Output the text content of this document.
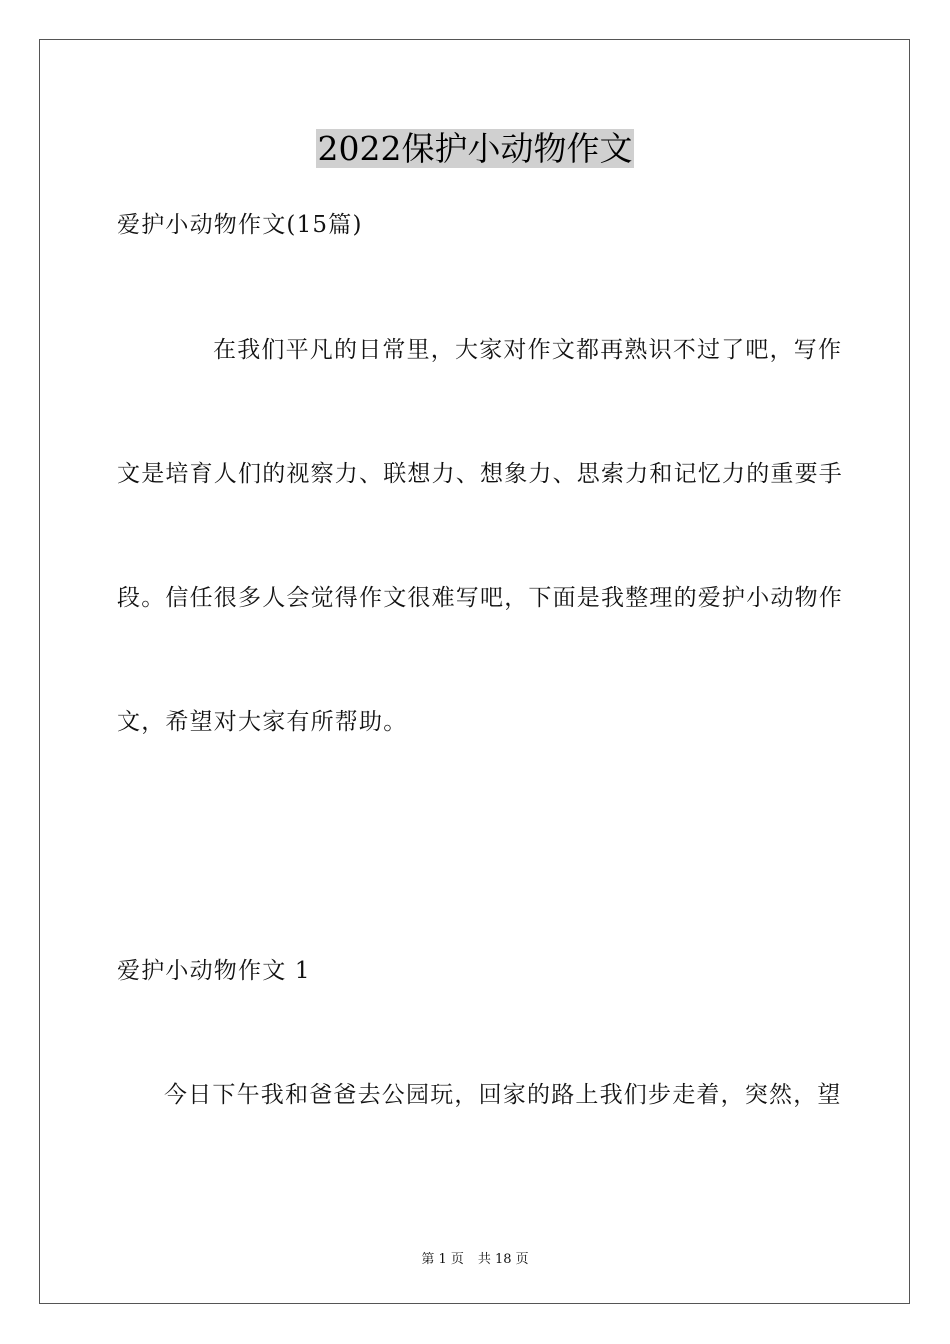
2022保护小动物作文
爱护小动物作文(15篇)
在我们平凡的日常里，大家对作文都再熟识不过了吧，写作
文是培育人们的视察力、联想力、想象力、思索力和记忆力的重要手
段。信任很多人会觉得作文很难写吧，下面是我整理的爱护小动物作
文，希望对大家有所帮助。
爱护小动物作文 1
今日下午我和爸爸去公园玩，回家的路上我们步走着，突然，望
第 1 页 共 18 页
